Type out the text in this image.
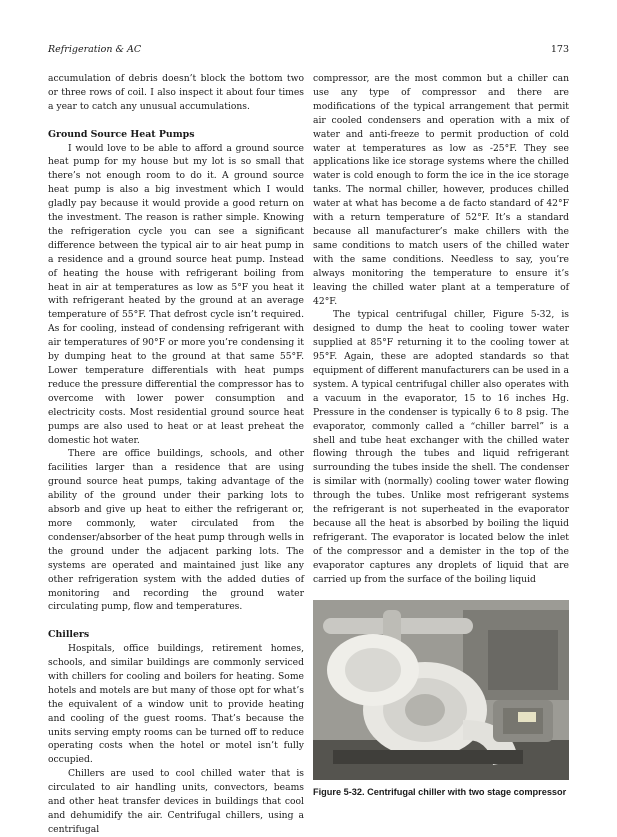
Refrigeration & AC	173

accumulation of debris doesn’t block the bottom two or three rows of coil. I also inspect it about four times a year to catch any unusual accumulations.

Ground Source Heat Pumps

I would love to be able to afford a ground source heat pump for my house but my lot is so small that there’s not enough room to do it. A ground source heat pump is also a big investment which I would gladly pay because it would provide a good return on the investment. The reason is rather simple. Knowing the refrigeration cycle you can see a significant difference between the typical air to air heat pump in a residence and a ground source heat pump. Instead of heating the house with refrigerant boiling from heat in air at temperatures as low as 5°F you heat it with refrigerant heated by the ground at an average temperature of 55°F. That defrost cycle isn’t required. As for cooling, instead of condensing refrigerant with air temperatures of 90°F or more you’re condensing it by dumping heat to the ground at that same 55°F. Lower temperature differentials with heat pumps reduce the pressure differential the compressor has to overcome with lower power consumption and electricity costs. Most residential ground source heat pumps are also used to heat or at least preheat the domestic hot water.

There are office buildings, schools, and other facilities larger than a residence that are using ground source heat pumps, taking advantage of the ability of the ground under their parking lots to absorb and give up heat to either the refrigerant or, more commonly, water circulated from the condenser/absorber of the heat pump through wells in the ground under the adjacent parking lots. The systems are operated and maintained just like any other refrigeration system with the added duties of monitoring and recording the ground water circulating pump, flow and temperatures.

Chillers

Hospitals, office buildings, retirement homes, schools, and similar buildings are commonly serviced with chillers for cooling and boilers for heating. Some hotels and motels are but many of those opt for what’s the equivalent of a window unit to provide heating and cooling of the guest rooms. That’s because the units serving empty rooms can be turned off to reduce operating costs when the hotel or motel isn’t fully occupied.

Chillers are used to cool chilled water that is circulated to air handling units, convectors, beams and other heat transfer devices in buildings that cool and dehumidify the air. Centrifugal chillers, using a centrifugal

compressor, are the most common but a chiller can use any type of compressor and there are modifications of the typical arrangement that permit air cooled condensers and operation with a mix of water and anti-freeze to permit production of cold water at temperatures as low as -25°F. They see applications like ice storage systems where the chilled water is cold enough to form the ice in the ice storage tanks. The normal chiller, however, produces chilled water at what has become a de facto standard of 42°F with a return temperature of 52°F. It’s a standard because all manufacturer’s make chillers with the same conditions to match users of the chilled water with the same conditions. Needless to say, you’re always monitoring the temperature to ensure it’s leaving the chilled water plant at a temperature of 42°F.

The typical centrifugal chiller, Figure 5-32, is designed to dump the heat to cooling tower water supplied at 85°F returning it to the cooling tower at 95°F. Again, these are adopted standards so that equipment of different manufacturers can be used in a system. A typical centrifugal chiller also operates with a vacuum in the evaporator, 15 to 16 inches Hg. Pressure in the condenser is typically 6 to 8 psig. The evaporator, commonly called a “chiller barrel” is a shell and tube heat exchanger with the chilled water flowing through the tubes and liquid refrigerant surrounding the tubes inside the shell. The condenser is similar with (normally) cooling tower water flowing through the tubes. Unlike most refrigerant systems the refrigerant is not superheated in the evaporator because all the heat is absorbed by boiling the liquid refrigerant. The evaporator is located below the inlet of the compressor and a demister in the top of the evaporator captures any droplets of liquid that are carried up from the surface of the boiling liquid

Figure 5-32. Centrifugal chiller with two stage compressor
